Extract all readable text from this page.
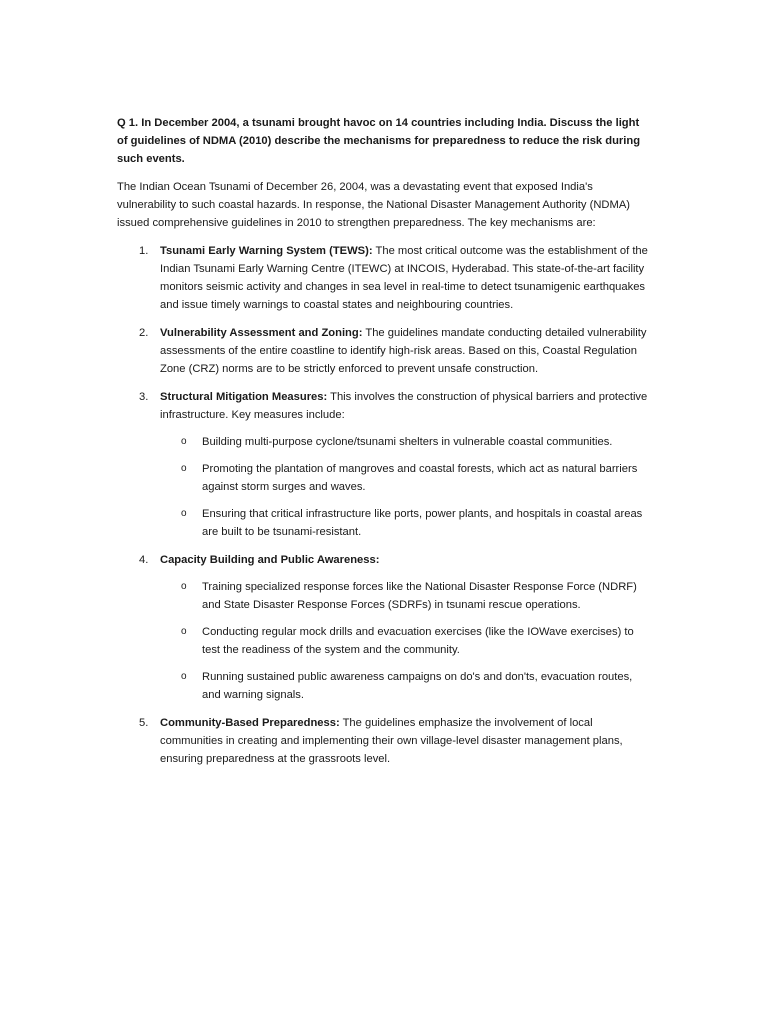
Q 1. In December 2004, a tsunami brought havoc on 14 countries including India. Discuss the light of guidelines of NDMA (2010) describe the mechanisms for preparedness to reduce the risk during such events.

The Indian Ocean Tsunami of December 26, 2004, was a devastating event that exposed India's vulnerability to such coastal hazards. In response, the National Disaster Management Authority (NDMA) issued comprehensive guidelines in 2010 to strengthen preparedness. The key mechanisms are:

1. Tsunami Early Warning System (TEWS): The most critical outcome was the establishment of the Indian Tsunami Early Warning Centre (ITEWC) at INCOIS, Hyderabad. This state-of-the-art facility monitors seismic activity and changes in sea level in real-time to detect tsunamigenic earthquakes and issue timely warnings to coastal states and neighbouring countries.
2. Vulnerability Assessment and Zoning: The guidelines mandate conducting detailed vulnerability assessments of the entire coastline to identify high-risk areas. Based on this, Coastal Regulation Zone (CRZ) norms are to be strictly enforced to prevent unsafe construction.
3. Structural Mitigation Measures: This involves the construction of physical barriers and protective infrastructure. Key measures include:
o Building multi-purpose cyclone/tsunami shelters in vulnerable coastal communities.
o Promoting the plantation of mangroves and coastal forests, which act as natural barriers against storm surges and waves.
o Ensuring that critical infrastructure like ports, power plants, and hospitals in coastal areas are built to be tsunami-resistant.
4. Capacity Building and Public Awareness:
o Training specialized response forces like the National Disaster Response Force (NDRF) and State Disaster Response Forces (SDRFs) in tsunami rescue operations.
o Conducting regular mock drills and evacuation exercises (like the IOWave exercises) to test the readiness of the system and the community.
o Running sustained public awareness campaigns on do's and don'ts, evacuation routes, and warning signals.
5. Community-Based Preparedness: The guidelines emphasize the involvement of local communities in creating and implementing their own village-level disaster management plans, ensuring preparedness at the grassroots level.
